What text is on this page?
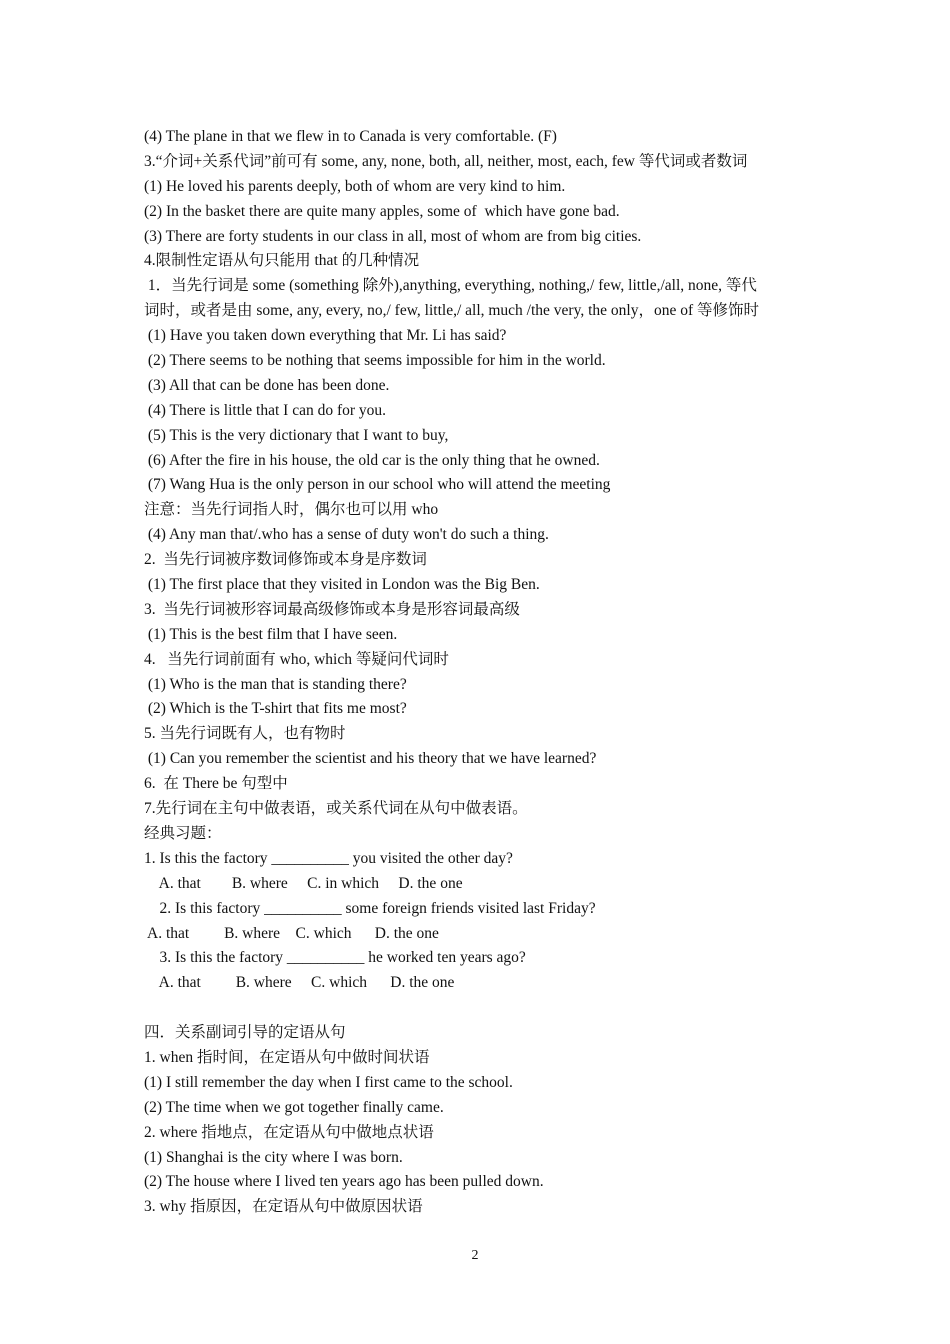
(4) The plane in that we flew in to Canada is very comfortable. (F)
3.“介词+关系代词”前可有 some, any, none, both, all, neither, most, each, few 等代词或者数词
(1) He loved his parents deeply, both of whom are very kind to him.
(2) In the basket there are quite many apples, some of  which have gone bad.
(3) There are forty students in our class in all, most of whom are from big cities.
4.限制性定语从句只能用 that 的几种情况
1．当先行词是 some (something 除外),anything, everything, nothing,/ few, little,/all, none, 等代
词时，或者是由 some, any, every, no,/ few, little,/ all, much /the very, the only，one of 等修饰时
(1) Have you taken down everything that Mr. Li has said?
(2) There seems to be nothing that seems impossible for him in the world.
(3) All that can be done has been done.
(4) There is little that I can do for you.
(5) This is the very dictionary that I want to buy,
(6) After the fire in his house, the old car is the only thing that he owned.
(7) Wang Hua is the only person in our school who will attend the meeting
注意：当先行词指人时，偶尔也可以用 who
(4) Any man that/.who has a sense of duty won't do such a thing.
2.  当先行词被序数词修饰或本身是序数词
(1) The first place that they visited in London was the Big Ben.
3.  当先行词被形容词最高级修饰或本身是形容词最高级
(1) This is the best film that I have seen.
4.   当先行词前面有 who, which 等疑问代词时
(1) Who is the man that is standing there?
(2) Which is the T-shirt that fits me most?
5. 当先行词既有人，也有物时
(1) Can you remember the scientist and his theory that we have learned?
6.  在 There be 句型中
7.先行词在主句中做表语，或关系代词在从句中做表语。
经典习题：
1. Is this the factory __________ you visited the other day?
A. that        B. where     C. in which     D. the one
2. Is this factory __________ some foreign friends visited last Friday?
A. that         B. where    C. which      D. the one
3. Is this the factory __________ he worked ten years ago?
A. that         B. where     C. which      D. the one
四．关系副词引导的定语从句
1. when 指时间，在定语从句中做时间状语
(1) I still remember the day when I first came to the school.
(2) The time when we got together finally came.
2. where 指地点，在定语从句中做地点状语
(1) Shanghai is the city where I was born.
(2) The house where I lived ten years ago has been pulled down.
3. why 指原因，在定语从句中做原因状语
2
